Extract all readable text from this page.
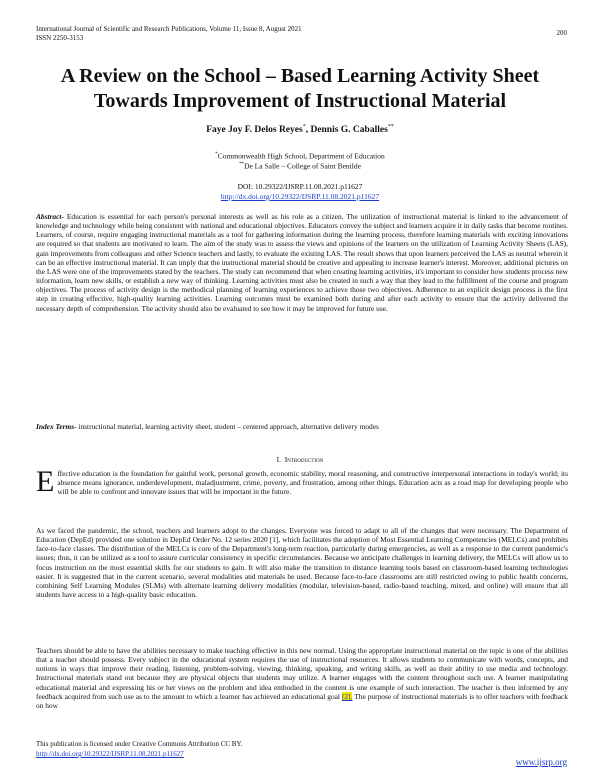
International Journal of Scientific and Research Publications, Volume 11, Issue 8, August 2021
ISSN 2250-3153
200
A Review on the School – Based Learning Activity Sheet
Towards Improvement of Instructional Material
Faye Joy F. Delos Reyes*, Dennis G. Caballes**
*Commonwealth High School, Department of Education
**De La Salle – College of Saint Benilde
DOI: 10.29322/IJSRP.11.08.2021.p11627
http://dx.doi.org/10.29322/IJSRP.11.08.2021.p11627
Abstract- Education is essential for each person's personal interests as well as his role as a citizen. The utilization of instructional material is linked to the advancement of knowledge and technology while being consistent with national and educational objectives. Educators convey the subject and learners acquire it in daily tasks that become routines. Learners, of course, require engaging instructional materials as a tool for gathering information during the learning process, therefore learning materials with exciting innovations are required so that students are motivated to learn. The aim of the study was to assess the views and opinions of the learners on the utilization of Learning Activity Sheets (LAS), gain improvements from colleagues and other Science teachers and lastly, to evaluate the existing LAS. The result shows that upon learners perceived the LAS as neutral wherein it can be an effective instructional material. It can imply that the instructional material should be creative and appealing to increase learner's interest. Moreover, additional pictures on the LAS were one of the improvements stated by the teachers. The study can recommend that when creating learning activities, it's important to consider how students process new information, learn new skills, or establish a new way of thinking. Learning activities must also be created in such a way that they lead to the fulfillment of the course and program objectives. The process of activity design is the methodical planning of learning experiences to achieve those two objectives. Adherence to an explicit design process is the first step in creating effective, high-quality learning activities. Learning outcomes must be examined both during and after each activity to ensure that the activity delivered the necessary depth of comprehension. The activity should also be evaluated to see how it may be improved for future use.
Index Terms- instructional material, learning activity sheet, student – centered approach, alternative delivery modes
I. Introduction
Effective education is the foundation for gainful work, personal growth, economic stability, moral reasoning, and constructive interpersonal interactions in today's world; its absence means ignorance, underdevelopment, maladjustment, crime, poverty, and frustration, among other things. Education acts as a road map for developing people who will be able to confront and innovate issues that will be important in the future.
As we faced the pandemic, the school, teachers and learners adopt to the changes. Everyone was forced to adapt to all of the changes that were necessary. The Department of Education (DepEd) provided one solution in DepEd Order No. 12 series 2020 [1], which facilitates the adoption of Most Essential Learning Competencies (MELCs) and prohibits face-to-face classes. The distribution of the MELCs is core of the Department's long-term reaction, particularly during emergencies, as well as a response to the current pandemic's issues; thus, it can be utilized as a tool to assure curricular consistency in specific circumstances. Because we anticipate challenges in learning delivery, the MELCs will allow us to focus instruction on the most essential skills for our students to gain. It will also make the transition to distance learning tools based on classroom-based learning technologies easier. It is suggested that in the current scenario, several modalities and materials be used. Because face-to-face classrooms are still restricted owing to public health concerns, combining Self Learning Modules (SLMs) with alternate learning delivery modalities (modular, television-based, radio-based teaching, mixed, and online) will ensure that all students have access to a high-quality basic education.
Teachers should be able to have the abilities necessary to make teaching effective in this new normal. Using the appropriate instructional material on the topic is one of the abilities that a teacher should possess. Every subject in the educational system requires the use of instructional resources. It allows students to communicate with words, concepts, and notions in ways that improve their reading, listening, problem-solving, viewing, thinking, speaking, and writing skills, as well as their ability to use media and technology. Instructional materials stand out because they are physical objects that students may utilize. A learner engages with the content throughout such use. A learner manipulating educational material and expressing his or her views on the problem and idea embodied in the content is one example of such interaction. The teacher is then informed by any feedback acquired from such use as to the amount to which a learner has achieved an educational goal [2]. The purpose of instructional materials is to offer teachers with feedback on how
This publication is licensed under Creative Commons Attribution CC BY.
http://dx.doi.org/10.29322/IJSRP.11.08.2021.p11627
www.ijsrp.org
